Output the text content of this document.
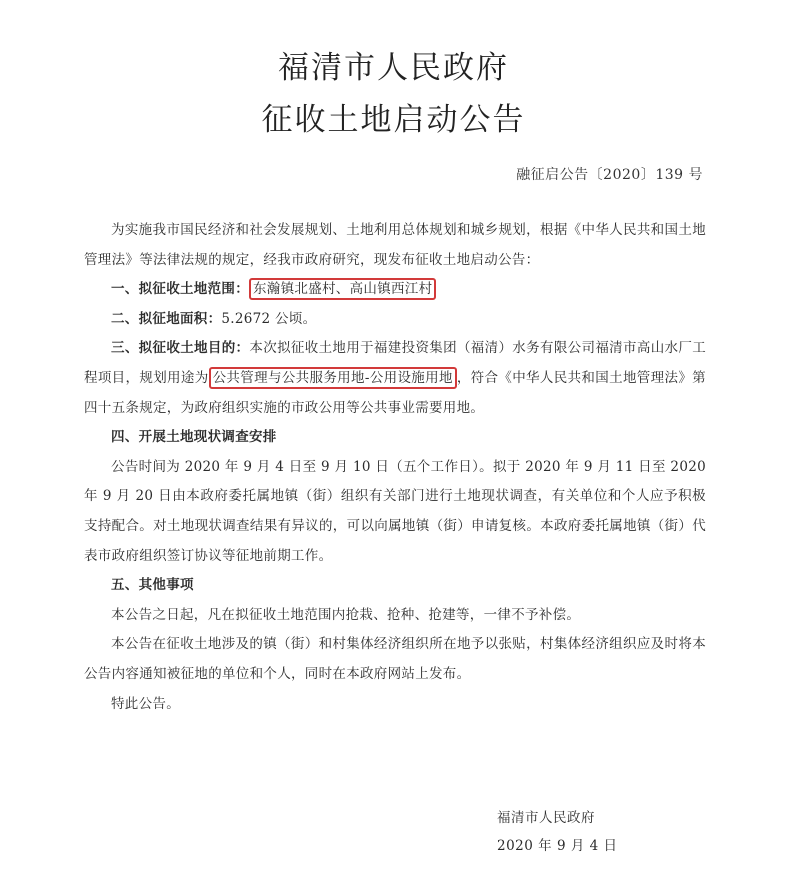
福清市人民政府
征收土地启动公告
融征启公告〔2020〕139 号

为实施我市国民经济和社会发展规划、土地利用总体规划和城乡规划，根据《中华人民共和国土地管理法》等法律法规的规定，经我市政府研究，现发布征收土地启动公告：

一、拟征收土地范围： 东瀚镇北盛村、高山镇西江村

二、拟征地面积：5.2672 公顷。

三、拟征收土地目的：本次拟征收土地用于福建投资集团（福清）水务有限公司福清市高山水厂工程项目，规划用途为 公共管理与公共服务用地-公用设施用地 ，符合《中华人民共和国土地管理法》第四十五条规定，为政府组织实施的市政公用等公共事业需要用地。

四、开展土地现状调查安排

公告时间为 2020 年 9 月 4 日至 9 月 10 日（五个工作日）。拟于 2020 年 9 月 11 日至 2020 年 9 月 20 日由本政府委托属地镇（街）组织有关部门进行土地现状调查，有关单位和个人应予积极支持配合。对土地现状调查结果有异议的，可以向属地镇（街）申请复核。本政府委托属地镇（街）代表市政府组织签订协议等征地前期工作。

五、其他事项

本公告之日起，凡在拟征收土地范围内抢栽、抢种、抢建等，一律不予补偿。

本公告在征收土地涉及的镇（街）和村集体经济组织所在地予以张贴，村集体经济组织应及时将本公告内容通知被征地的单位和个人，同时在本政府网站上发布。

特此公告。

福清市人民政府
2020 年 9 月 4 日
